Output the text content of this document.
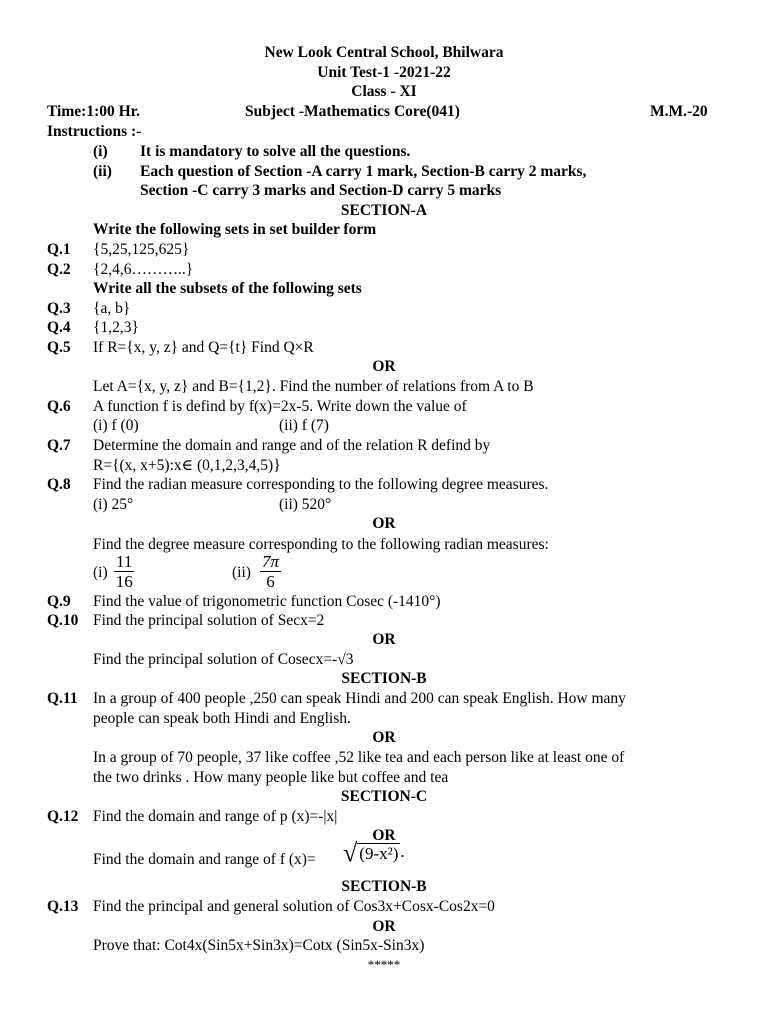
New Look Central School, Bhilwara
Unit Test-1 -2021-22
Class - XI
Time:1:00 Hr.	Subject -Mathematics Core(041)	M.M.-20
Instructions :-
(i) It is mandatory to solve all the questions.
(ii) Each question of Section -A carry 1 mark, Section-B carry 2 marks,
Section -C carry 3 marks and Section-D carry 5 marks
SECTION-A
Write the following sets in set builder form
Q.1 {5,25,125,625}
Q.2 {2,4,6………..}
Write all the subsets of the following sets
Q.3 {a, b}
Q.4 {1,2,3}
Q.5 If R={x, y, z} and Q={t} Find Q×R
OR
Let A={x, y, z} and B={1,2}. Find the number of relations from A to B
Q.6 A function f is defind by f(x)=2x-5. Write down the value of
(i) f (0)	(ii) f (7)
Q.7 Determine the domain and range and of the relation R defind by
R={(x, x+5):x∈ (0,1,2,3,4,5)}
Q.8 Find the radian measure corresponding to the following degree measures.
(i) 25°	(ii) 520°
OR
Find the degree measure corresponding to the following radian measures:
$(i) \frac{11}{16}$	$(ii) \frac{7\pi}{6}$
Q.9 Find the value of trigonometric function Cosec (-1410°)
Q.10 Find the principal solution of Secx=2
OR
Find the principal solution of Cosecx=-√3
SECTION-B
Q.11 In a group of 400 people ,250 can speak Hindi and 200 can speak English. How many
people can speak both Hindi and English.
OR
In a group of 70 people, 37 like coffee ,52 like tea and each person like at least one of
the two drinks . How many people like but coffee and tea
SECTION-C
Q.12 Find the domain and range of p (x)=-|x|
OR
Find the domain and range of f (x)= √ (9-x²) .
SECTION-B
Q.13 Find the principal and general solution of Cos3x+Cosx-Cos2x=0
OR
Prove that: Cot4x(Sin5x+Sin3x)=Cotx (Sin5x-Sin3x)
*****
